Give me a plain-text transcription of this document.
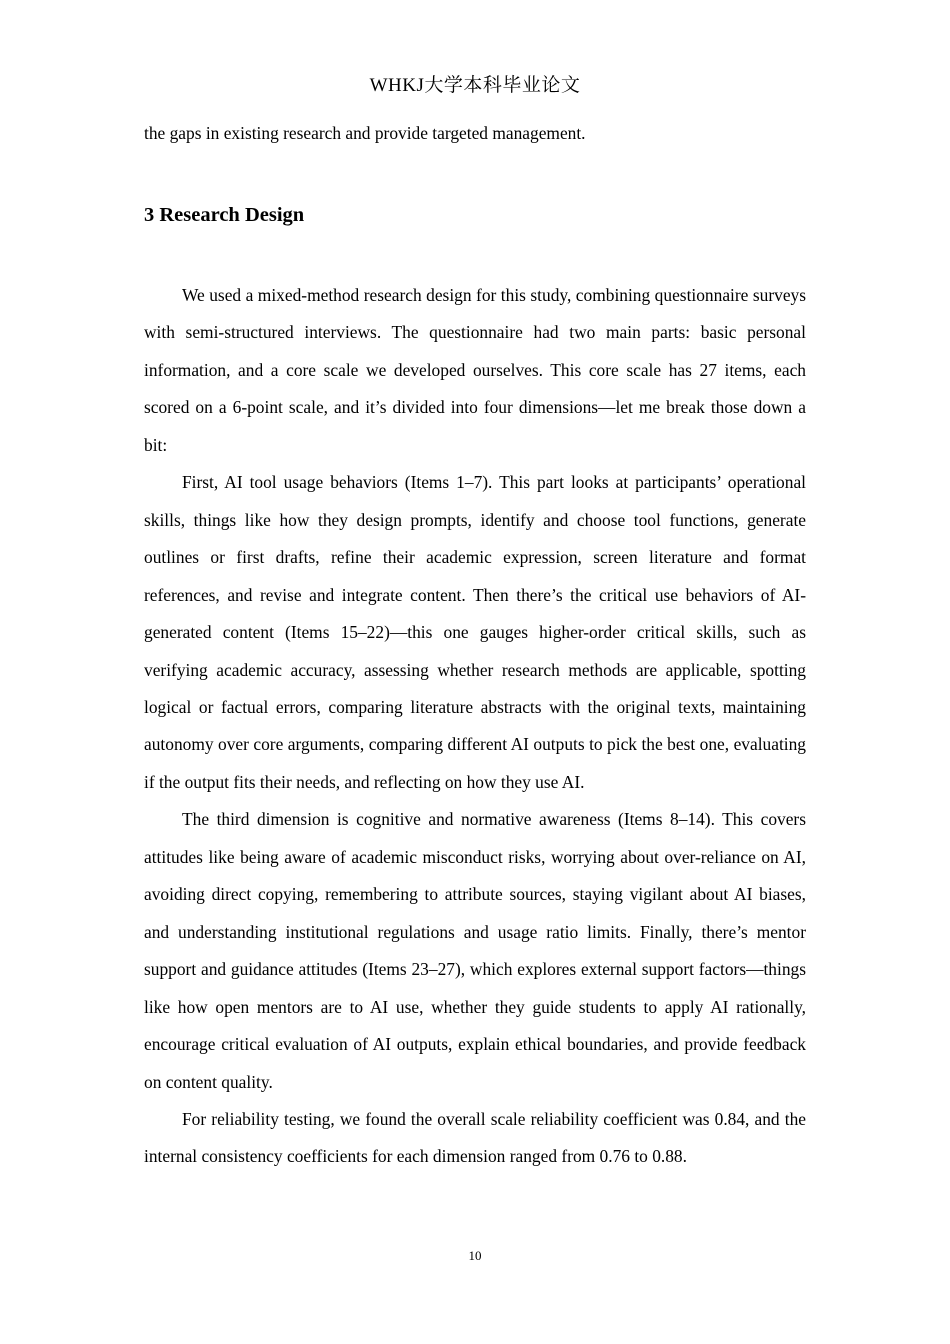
WHKJ大学本科毕业论文

the gaps in existing research and provide targeted management.

3 Research Design

We used a mixed-method research design for this study, combining questionnaire surveys with semi-structured interviews. The questionnaire had two main parts: basic personal information, and a core scale we developed ourselves. This core scale has 27 items, each scored on a 6-point scale, and it’s divided into four dimensions—let me break those down a bit:

First, AI tool usage behaviors (Items 1–7). This part looks at participants’ operational skills, things like how they design prompts, identify and choose tool functions, generate outlines or first drafts, refine their academic expression, screen literature and format references, and revise and integrate content. Then there’s the critical use behaviors of AI-generated content (Items 15–22)—this one gauges higher-order critical skills, such as verifying academic accuracy, assessing whether research methods are applicable, spotting logical or factual errors, comparing literature abstracts with the original texts, maintaining autonomy over core arguments, comparing different AI outputs to pick the best one, evaluating if the output fits their needs, and reflecting on how they use AI.

The third dimension is cognitive and normative awareness (Items 8–14). This covers attitudes like being aware of academic misconduct risks, worrying about over-reliance on AI, avoiding direct copying, remembering to attribute sources, staying vigilant about AI biases, and understanding institutional regulations and usage ratio limits. Finally, there’s mentor support and guidance attitudes (Items 23–27), which explores external support factors—things like how open mentors are to AI use, whether they guide students to apply AI rationally, encourage critical evaluation of AI outputs, explain ethical boundaries, and provide feedback on content quality.

For reliability testing, we found the overall scale reliability coefficient was 0.84, and the internal consistency coefficients for each dimension ranged from 0.76 to 0.88.

10
